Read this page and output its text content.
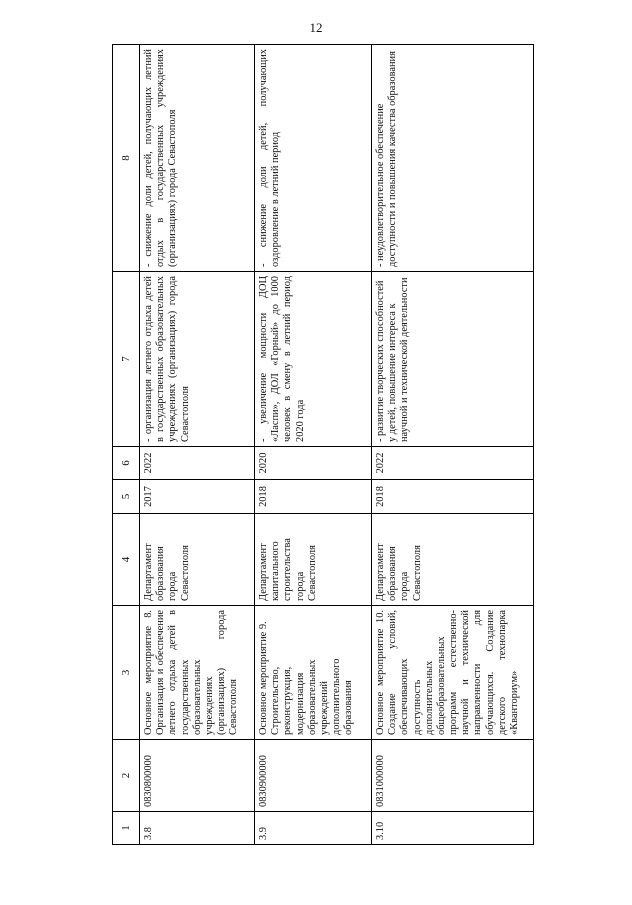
12
1	2	3	4	5	6	7	8
3.8	0830800000	Основное мероприятие 8. Организация и обеспечение летнего отдыха детей в государственных образовательных учреждениях (организациях) города Севастополя	Департамент образования города Севастополя	2017	2022	- организация летнего отдыха детей в государственных образовательных учреждениях (организациях) города Севастополя	- снижение доли детей, получающих летний отдых в государственных учреждениях (организациях) города Севастополя
3.9	0830900000	Основное мероприятие 9. Строительство, реконструкция, модернизация образовательных учреждений дополнительного образования	Департамент капитального строительства города Севастополя	2018	2020	- увеличение мощности ДОЦ «Ласпи», ДОЛ «Горный» до 1000 человек в смену в летний период 2020 года	- снижение доли детей, получающих оздоровление в летний период
3.10	0831000000	Основное мероприятие 10. Создание условий, обеспечивающих доступность дополнительных общеобразовательных программ естественно-научной и технической направленности для обучающихся. Создание детского технопарка «Кванториум»	Департамент образования города Севастополя	2018	2022	- развитие творческих способностей у детей, повышение интереса к научной и технической деятельности	- неудовлетворительное обеспечение доступности и повышения качества образования
